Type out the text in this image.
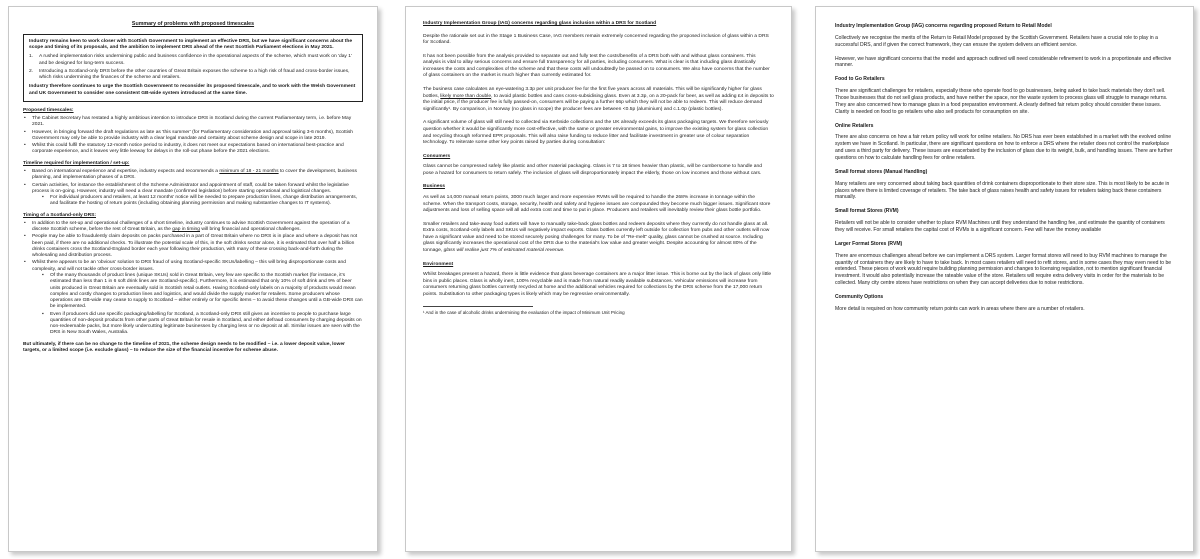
Summary of problems with proposed timescales

Industry remains keen to work closer with Scottish Government to implement an effective DRS, but we have significant concerns about the scope and timing of its proposals, and the ambition to implement DRS ahead of the next Scottish Parliament elections in May 2021.

1.	A rushed implementation risks undermining public and business confidence in the operational aspects of the scheme, which must work on 'day 1' and be designed for long-term success.
2.	Introducing a Scotland-only DRS before the other countries of Great Britain exposes the scheme to a high risk of fraud and cross-border issues, which risks undermining the finances of the scheme and retailers.

Industry therefore continues to urge the Scottish Government to reconsider its proposed timescale, and to work with the Welsh Government and UK Government to consider one consistent GB-wide system introduced at the same time.

Proposed timescales:
• The Cabinet Secretary has restated a highly ambitious intention to introduce DRS in Scotland during the current Parliamentary term, i.e. before May 2021.
• However, in bringing forward the draft regulations as late as 'this summer' (for Parliamentary consideration and approval taking 3-6 months), Scottish Government may only be able to provide industry with a clear legal mandate and certainty about scheme design and scope in late 2019.
• Whilst this could fulfil the statutory 12-month notice period to industry, it does not meet our expectations based on international best-practice and corporate experience, and it leaves very little leeway for delays in the roll-out phase before the 2021 elections.
Timeline required for implementation / set-up:
• Based on international experience and expertise, industry expects and recommends a minimum of 18 - 21 months to cover the development, business planning, and implementation phases of a DRS.
• Certain activities, for instance the establishment of the Scheme Administrator and appointment of staff, could be taken forward whilst the legislative process is on-going. However, industry will need a clear mandate (confirmed legislation) before starting operational and logistical changes.
▪ For individual producers and retailers, at least 12 months' notice will be needed to prepare production lines, change distribution arrangements, and facilitate the hosting of return points (including obtaining planning permission and making substantive changes to IT systems).
Timing of a Scotland-only DRS:
• In addition to the set-up and operational challenges of a short timeline, industry continues to advise Scottish Government against the operation of a discrete Scottish scheme, before the rest of Great Britain, as the gap in timing will bring financial and operational challenges.
• People may be able to fraudulently claim deposits on packs purchased in a part of Great Britain where no DRS is in place and where a deposit has not been paid, if there are no additional checks. To illustrate the potential scale of this, in the soft drinks sector alone, it is estimated that over half a billion drinks containers cross the Scotland-England border each year following their production, with many of these crossing back-and-forth during the wholesaling and distribution process.
• Whilst there appears to be an 'obvious' solution to DRS fraud of using Scotland-specific SKUs/labelling – this will bring disproportionate costs and complexity, and will not tackle other cross-border issues.
▪ Of the many thousands of product lines (unique SKUs) sold in Great Britain, very few are specific to the Scottish market (for instance, it's estimated than less than 1 in 6 soft drink lines are Scotland-specific). Furthermore, it is estimated that only 10% of soft drink and 9% of beer units produced in Great Britain are eventually sold in Scottish retail outlets. Having Scotland-only labels on a majority of products would mean complex and costly changes to production lines and logistics, and would divide the supply market for retailers. Some producers whose operations are GB-wide may cease to supply to Scotland – either entirely or for specific items – to avoid these changes until a GB-wide DRS can be implemented.
▪ Even if producers did use specific packaging/labelling for Scotland, a Scotland-only DRS still gives an incentive to people to purchase large quantities of non-deposit products from other parts of Great Britain for resale in Scotland, and either defraud consumers by charging deposits on non-redeemable packs, but more likely undercutting legitimate businesses by charging less or no deposit at all. Similar issues are seen with the DRS in New South Wales, Australia.

But ultimately, if there can be no change to the timeline of 2021, the scheme design needs to be modified – i.e. a lower deposit value, lower targets, or a limited scope (i.e. exclude glass) – to reduce the size of the financial incentive for scheme abuse.

Industry Implementation Group (IAG) concerns regarding glass inclusion within a DRS for Scotland

Despite the rationale set out in the Stage 1 Business Case, IAG members remain extremely concerned regarding the proposed inclusion of glass within a DRS for Scotland.

It has not been possible from the analysis provided to separate out and fully test the costs/benefits of a DRS both with and without glass containers. This analysis is vital to allay serious concerns and ensure full transparency for all parties, including consumers. What is clear is that including glass drastically increases the costs and complexities of the scheme and that these costs will undoubtedly be passed on to consumers. We also have concerns that the number of glass containers on the market is much higher than currently estimated for.

The business case calculates an eye-watering 3.3p per unit producer fee for the first five years across all materials. This will be significantly higher for glass bottles, likely more than double, to avoid plastic bottles and cans cross-subsidising glass. Even at 3.3p, on a 20-pack for beer, as well as adding £4 in deposits to the initial price, if the producer fee is fully passed-on, consumers will be paying a further 66p which they will not be able to redeem. This will reduce demand significantly¹. By comparison, in Norway (no glass in scope) the producer fees are between <0.5p (aluminium) and c.1.0p (plastic bottles).

A significant volume of glass will still need to collected via Kerbside collections and the UK already exceeds its glass packaging targets. We therefore seriously question whether it would be significantly more cost-effective, with the same or greater environmental gains, to improve the existing system for glass collection and recycling through reformed EPR proposals. This will also raise funding to reduce litter and facilitate investment in greater use of colour separation technology. To reiterate some other key points raised by parties during consultation:

Consumers

Glass cannot be compressed safely like plastic and other material packaging. Glass is 7 to 18 times heavier than plastic, will be cumbersome to handle and pose a hazard for consumers to return safely. The inclusion of glass will disproportionately impact the elderly, those on low incomes and those without cars.

Business

As well as 14,000 manual return points, 3000 much larger and more expensive RVMs will be required to handle the 268% increase in tonnage within the scheme. When the transport costs, storage, security, health and safety and hygiene issues are compounded they become much bigger issues. Significant store adjustments and loss of selling space will all add extra cost and time to put in place. Producers and retailers will inevitably review their glass bottle portfolio.

Smaller retailers and take-away food outlets will have to manually take-back glass bottles and redeem deposits where they currently do not handle glass at all. Extra costs, Scotland-only labels and SKUs will negatively impact exports. Glass bottles currently left outside for collection from pubs and other outlets will now have a significant value and need to be stored securely posing challenges for many. To be of "Re-melt" quality, glass cannot be crushed at source. Including glass significantly increases the operational cost of the DRS due to the material's low value and greater weight. Despite accounting for almost 80% of the tonnage, glass will realise just 7% of estimated material revenue.

Environment

Whilst breakages present a hazard, there is little evidence that glass beverage containers are a major litter issue. This is borne out by the lack of glass only little bins in public places. Glass is wholly inert, 100% recyclable and is made from natural readily available substances. Vehicular emissions will increase from consumers returning glass bottles currently recycled at home and the additional vehicles required for collections by the DRS scheme from the 17,000 return points. Substitution to other packaging types is likely which may be regressive environmentally.

¹ And in the case of alcoholic drinks undermining the evaluation of the impact of Minimum Unit Pricing
Industry Implementation Group (IAG) concerns regarding proposed Return to Retail Model

Collectively we recognise the merits of the Return to Retail Model proposed by the Scottish Government. Retailers have a crucial role to play in a successful DRS, and if given the correct framework, they can ensure the system delivers an efficient service.

However, we have significant concerns that the model and approach outlined will need considerable refinement to work in a proportionate and effective manner.

Food to Go Retailers

There are significant challenges for retailers, especially those who operate food to go businesses, being asked to take back materials they don't sell. Those businesses that do not sell glass products, and have neither the space, nor the waste system to process glass will struggle to manage returns. They are also concerned how to manage glass in a food preparation environment. A clearly defined fair return policy should consider these issues. Clarity is needed on food to go retailers who also sell products for consumption on site.

Online Retailers

There are also concerns on how a fair return policy will work for online retailers. No DRS has ever been established in a market with the evolved online system we have in Scotland. In particular, there are significant questions on how to enforce a DRS where the retailer does not control the marketplace and uses a third party for delivery. These issues are exacerbated by the inclusion of glass due to its weight, bulk, and handling issues. There are further questions on how to calculate handling fees for online retailers.

Small format stores (Manual Handling)

Many retailers are very concerned about taking back quantities of drink containers disproportionate to their store size. This is most likely to be acute in places where there is limited coverage of retailers. The take back of glass raises health and safety issues for retailers taking back these containers manually.

Small format Stores (RVM)

Retailers will not be able to consider whether to place RVM Machines until they understand the handling fee, and estimate the quantity of containers they will receive. For small retailers the capital cost of RVMs is a significant concern. Few will have the money available

Larger Format Stores (RVM)

There are enormous challenges ahead before we can implement a DRS system. Larger format stores will need to buy RVM machines to manage the quantity of containers they are likely to have to take back. In most cases retailers will need to refit stores, and in some cases they may even need to be extended. These pieces of work would require building planning permission and changes to licensing regulation, not to mention significant financial investment. It would also potentially increase the rateable value of the store. Retailers will require extra delivery visits in order for the materials to be collected. Many city centre stores have restrictions on when they can accept deliveries due to noise restrictions.

Community Options

More detail is required on how community return points can work in areas where there are a number of retailers.
